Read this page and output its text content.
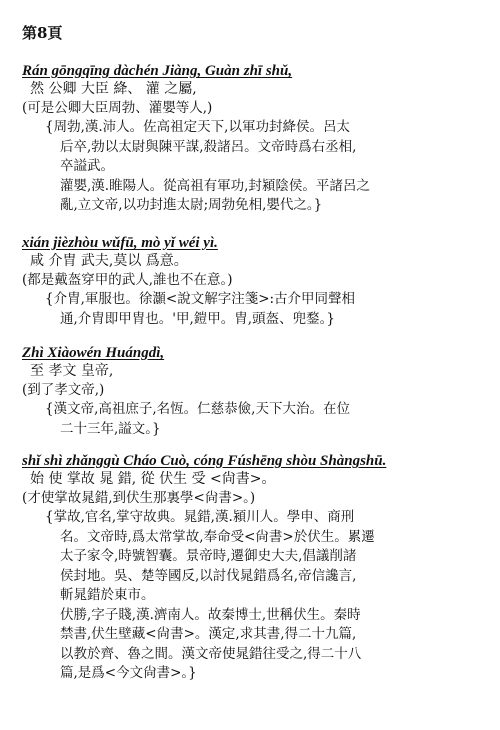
第8頁
Rán gōngqīng dàchén Jiàng, Guàn zhī shǔ,
然 公卿 大臣 絳、 灌 之屬,
(可是公卿大臣周勃、灌嬰等人,)
{周勃,漢.沛人。佐高祖定天下,以軍功封絳侯。呂太
后卒,勃以太尉與陳平謀,殺諸呂。文帝時爲右丞相,
卒謚武。
灌嬰,漢.睢陽人。從高祖有軍功,封潁陰侯。平諸呂之
亂,立文帝,以功封進太尉;周勃免相,嬰代之。}
xián jièzhòu wǔfū, mò yǐ wéi yì.
咸 介胄 武夫,莫以 爲意。
(都是戴盔穿甲的武人,誰也不在意。)
{介胄,軍服也。徐灝<說文解字注箋>:古介甲同聲相
通,介胄即甲胄也。'甲,鎧甲。胄,頭盔、兜鍪。}
Zhì Xiàowén Huángdì,
至 孝文 皇帝,
(到了孝文帝,)
{漢文帝,高祖庶子,名恆。仁慈恭儉,天下大治。在位
二十三年,謚文。}
shǐ shì zhǎnggù Cháo Cuò, cóng Fúshēng shòu Shàngshū.
始 使 掌故 晁 錯, 從 伏生 受 <尙書>。
(才使掌故晁錯,到伏生那裏學<尙書>。)
{掌故,官名,掌守故典。晁錯,漢.潁川人。學申、商刑
名。文帝時,爲太常掌故,奉命受<尙書>於伏生。累遷
太子家令,時號智囊。景帝時,遷御史大夫,倡議削諸
侯封地。吳、楚等國反,以討伐晁錯爲名,帝信讒言,
斬晁錯於東市。
伏勝,字子賤,漢.濟南人。故秦博士,世稱伏生。秦時
禁書,伏生壁藏<尙書>。漢定,求其書,得二十九篇,
以教於齊、魯之間。漢文帝使晁錯往受之,得二十八
篇,是爲<今文尙書>。}
